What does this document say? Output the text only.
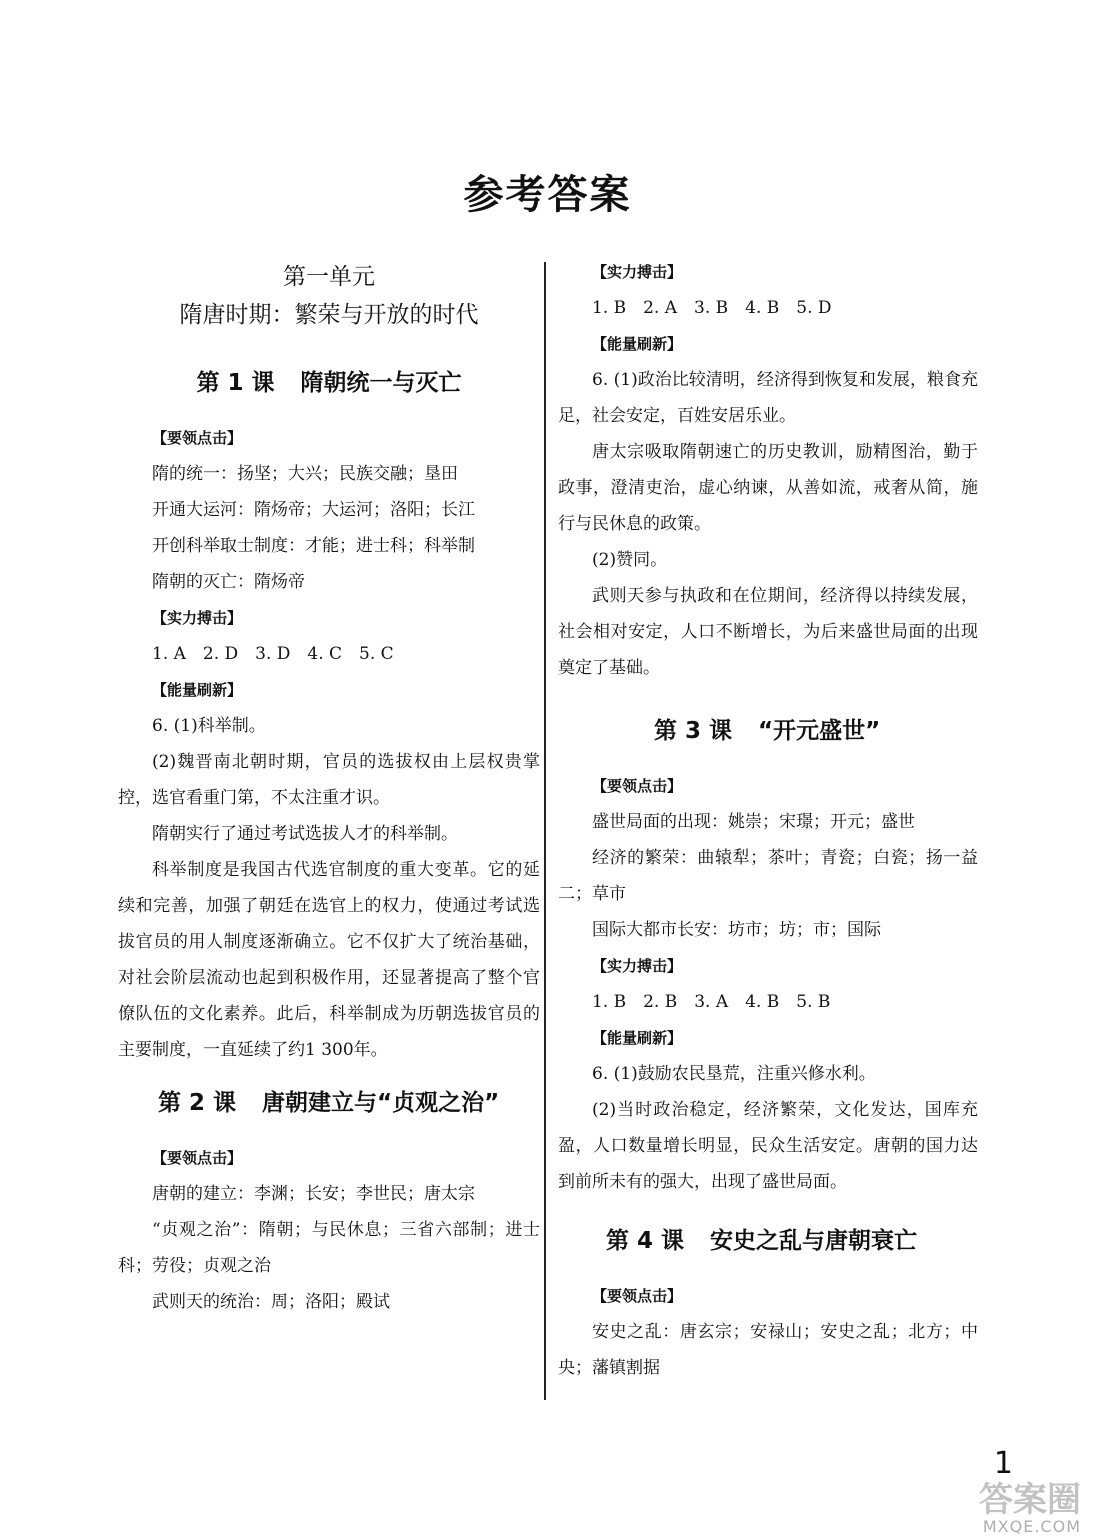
参考答案
第一单元
隋唐时期：繁荣与开放的时代
第 1 课 隋朝统一与灭亡
【要领点击】
隋的统一：扬坚；大兴；民族交融；垦田
开通大运河：隋炀帝；大运河；洛阳；长江
开创科举取士制度：才能；进士科；科举制
隋朝的灭亡：隋炀帝
【实力搏击】
1. A　2. D　3. D　4. C　5. C
【能量刷新】
6. (1)科举制。
(2)魏晋南北朝时期，官员的选拔权由上层权贵掌控，选官看重门第，不太注重才识。
隋朝实行了通过考试选拔人才的科举制。
科举制度是我国古代选官制度的重大变革。它的延续和完善，加强了朝廷在选官上的权力，使通过考试选拔官员的用人制度逐渐确立。它不仅扩大了统治基础，对社会阶层流动也起到积极作用，还显著提高了整个官僚队伍的文化素养。此后，科举制成为历朝选拔官员的主要制度，一直延续了约1 300年。
第 2 课 唐朝建立与“贞观之治”
【要领点击】
唐朝的建立：李渊；长安；李世民；唐太宗
“贞观之治”：隋朝；与民休息；三省六部制；进士科；劳役；贞观之治
武则天的统治：周；洛阳；殿试
【实力搏击】
1. B　2. A　3. B　4. B　5. D
【能量刷新】
6. (1)政治比较清明，经济得到恢复和发展，粮食充足，社会安定，百姓安居乐业。
唐太宗吸取隋朝速亡的历史教训，励精图治，勤于政事，澄清吏治，虚心纳谏，从善如流，戒奢从简，施行与民休息的政策。
(2)赞同。
武则天参与执政和在位期间，经济得以持续发展，社会相对安定，人口不断增长，为后来盛世局面的出现奠定了基础。
第 3 课 “开元盛世”
【要领点击】
盛世局面的出现：姚崇；宋璟；开元；盛世
经济的繁荣：曲辕犁；茶叶；青瓷；白瓷；扬一益二；草市
国际大都市长安：坊市；坊；市；国际
【实力搏击】
1. B　2. B　3. A　4. B　5. B
【能量刷新】
6. (1)鼓励农民垦荒，注重兴修水利。
(2)当时政治稳定，经济繁荣，文化发达，国库充盈，人口数量增长明显，民众生活安定。唐朝的国力达到前所未有的强大，出现了盛世局面。
第 4 课 安史之乱与唐朝衰亡
【要领点击】
安史之乱：唐玄宗；安禄山；安史之乱；北方；中央；藩镇割据
1
答案圈
MXQE.COM
